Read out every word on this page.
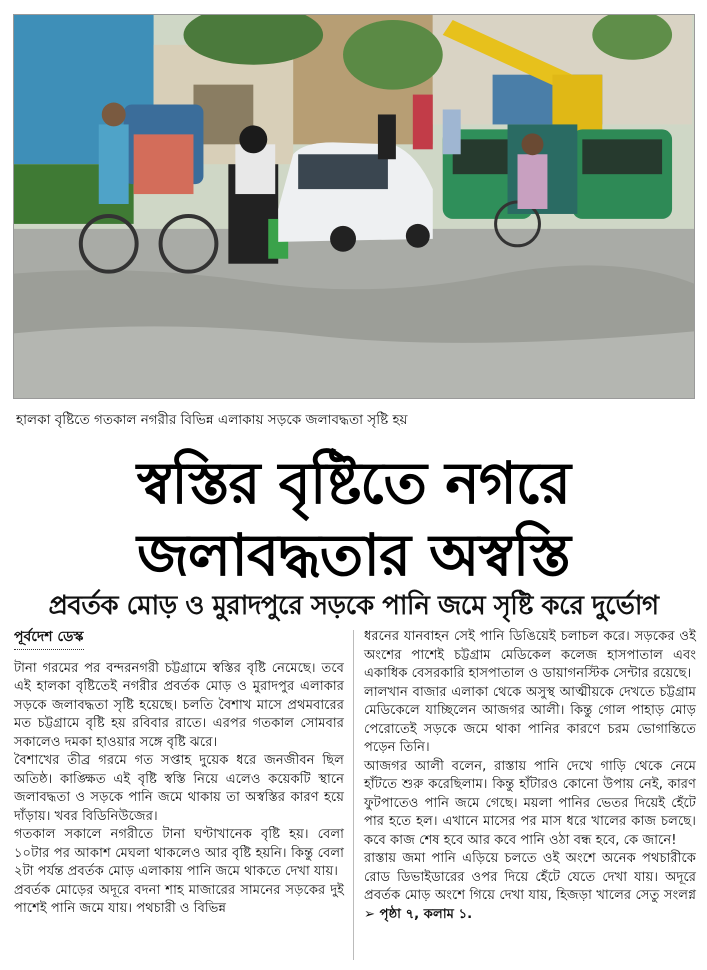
হালকা বৃষ্টিতে গতকাল নগরীর বিভিন্ন এলাকায় সড়কে জলাবদ্ধতা সৃষ্টি হয়
স্বস্তির বৃষ্টিতে নগরে
জলাবদ্ধতার অস্বস্তি
প্রবর্তক মোড় ও মুরাদপুরে সড়কে পানি জমে সৃষ্টি করে দুর্ভোগ
পূর্বদেশ ডেস্ক

টানা গরমের পর বন্দরনগরী চট্টগ্রামে স্বস্তির বৃষ্টি নেমেছে। তবে এই হালকা বৃষ্টিতেই নগরীর প্রবর্তক মোড় ও মুরাদপুর এলাকার সড়কে জলাবদ্ধতা সৃষ্টি হয়েছে। চলতি বৈশাখ মাসে প্রথমবারের মত চট্টগ্রামে বৃষ্টি হয় রবিবার রাতে। এরপর গতকাল সোমবার সকালেও দমকা হাওয়ার সঙ্গে বৃষ্টি ঝরে।

বৈশাখের তীব্র গরমে গত সপ্তাহ দুয়েক ধরে জনজীবন ছিল অতিষ্ঠ। কাঙ্ক্ষিত এই বৃষ্টি স্বস্তি নিয়ে এলেও কয়েকটি স্থানে জলাবদ্ধতা ও সড়কে পানি জমে থাকায় তা অস্বস্তির কারণ হয়ে দাঁড়ায়। খবর বিডিনিউজের।

গতকাল সকালে নগরীতে টানা ঘণ্টাখানেক বৃষ্টি হয়। বেলা ১০টার পর আকাশ মেঘলা থাকলেও আর বৃষ্টি হয়নি। কিন্তু বেলা ২টা পর্যন্ত প্রবর্তক মোড় এলাকায় পানি জমে থাকতে দেখা যায়।

প্রবর্তক মোড়ের অদূরে বদনা শাহ মাজারের সামনের সড়কের দুই পাশেই পানি জমে যায়। পথচারী ও বিভিন্ন

ধরনের যানবাহন সেই পানি ডিঙিয়েই চলাচল করে। সড়কের ওই অংশের পাশেই চট্টগ্রাম মেডিকেল কলেজ হাসপাতাল এবং একাধিক বেসরকারি হাসপাতাল ও ডায়াগনস্টিক সেন্টার রয়েছে।

লালখান বাজার এলাকা থেকে অসুস্থ আত্মীয়কে দেখতে চট্টগ্রাম মেডিকেলে যাচ্ছিলেন আজগর আলী। কিন্তু গোল পাহাড় মোড় পেরোতেই সড়কে জমে থাকা পানির কারণে চরম ভোগান্তিতে পড়েন তিনি।

আজগর আলী বলেন, রাস্তায় পানি দেখে গাড়ি থেকে নেমে হাঁটতে শুরু করেছিলাম। কিন্তু হাঁটারও কোনো উপায় নেই, কারণ ফুটপাতেও পানি জমে গেছে। ময়লা পানির ভেতর দিয়েই হেঁটে পার হতে হল। এখানে মাসের পর মাস ধরে খালের কাজ চলছে। কবে কাজ শেষ হবে আর কবে পানি ওঠা বন্ধ হবে, কে জানে!

রাস্তায় জমা পানি এড়িয়ে চলতে ওই অংশে অনেক পথচারীকে রোড ডিভাইডারের ওপর দিয়ে হেঁটে যেতে দেখা যায়। অদূরে প্রবর্তক মোড় অংশে গিয়ে দেখা যায়, হিজড়া খালের সেতু সংলগ্ন ➢ পৃষ্ঠা ৭, কলাম ১.
